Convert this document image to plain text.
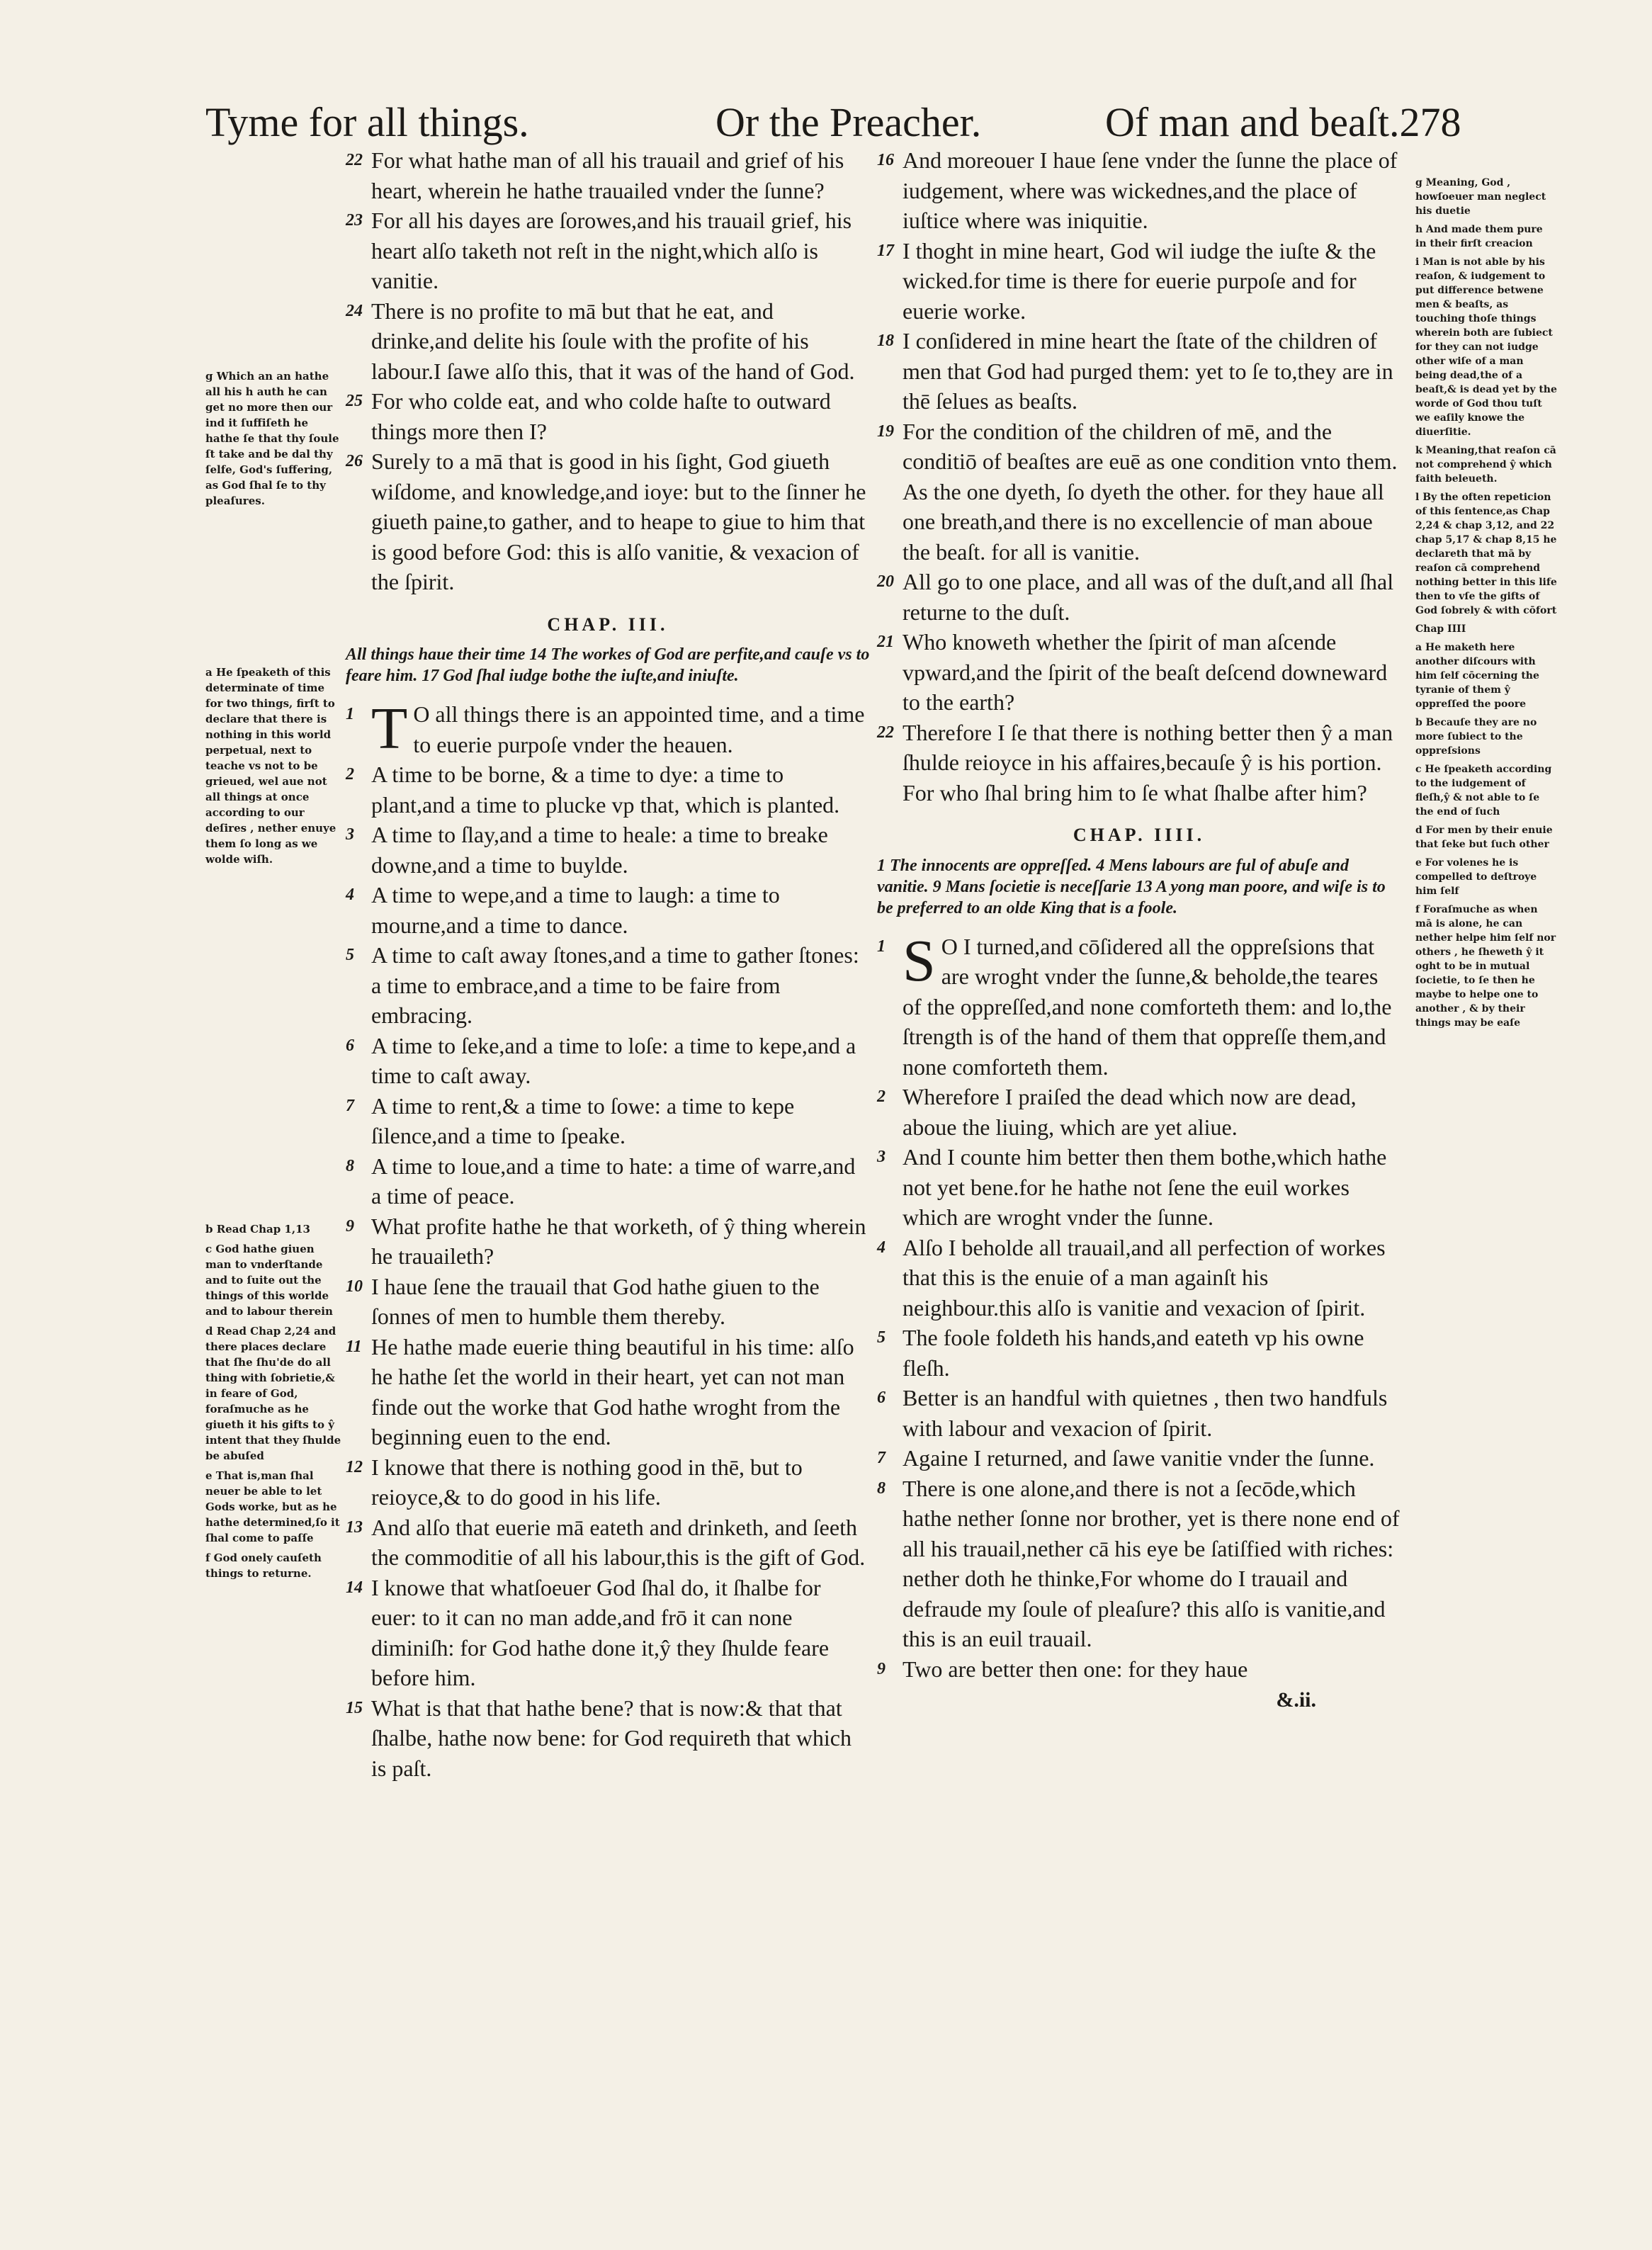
Tyme for all things.	Or the Preacher.	Of man and beaſt.278

g Which an an hathe all his h auth he can get no more then our ind it ſuffiſeth he hathe ſe that thy ſoule ſt take and be dal thy ſelfe, God's ſuffering, as God ſhal ſe to thy pleaſures.

a He ſpeaketh of this determinate of time for two things, firſt to declare that there is nothing in this world perpetual, next to teache vs not to be grieued, wel aue not all things at once according to our deſires , nether enuye them ſo long as we wolde wiſh.

b Read Chap 1,13

c God hathe giuen man to vnderſtande and to ſuite out the things of this worlde and to labour therein

d Read Chap 2,24 and there places declare that ſhe ſhu'de do all thing with ſobrietie,& in feare of God, foraſmuche as he giueth it his gifts to ŷ intent that they ſhulde be abuſed

e That is,man ſhal neuer be able to let Gods worke, but as he hathe determined,ſo it ſhal come to paſſe

f God onely cauſeth things to returne.

22 For what hathe man of all his trauail and grief of his heart, wherein he hathe trauailed vnder the ſunne?

23 For all his dayes are ſorowes,and his trauail grief, his heart alſo taketh not reſt in the night,which alſo is vanitie.

24 There is no profite to mā but that he eat, and drinke,and delite his ſoule with the profite of his labour.I ſawe alſo this, that it was of the hand of God.

25 For who colde eat, and who colde haſte to outward things more then I?

26 Surely to a mā that is good in his ſight, God giueth wiſdome, and knowledge,and ioye: but to the ſinner he giueth paine,to gather, and to heape to giue to him that is good before God: this is alſo vanitie, & vexacion of the ſpirit.

CHAP. III.

All things haue their time 14 The workes of God are perfite,and cauſe vs to feare him. 17 God ſhal iudge bothe the iuſte,and iniuſte.

1 T O all things there is an appointed time, and a time to euerie purpoſe vnder the heauen.

2 A time to be borne, & a time to dye: a time to plant,and a time to plucke vp that, which is planted.

3 A time to ſlay,and a time to heale: a time to breake downe,and a time to buylde.

4 A time to wepe,and a time to laugh: a time to mourne,and a time to dance.

5 A time to caſt away ſtones,and a time to gather ſtones: a time to embrace,and a time to be faire from embracing.

6 A time to ſeke,and a time to loſe: a time to kepe,and a time to caſt away.

7 A time to rent,& a time to ſowe: a time to kepe ſilence,and a time to ſpeake.

8 A time to loue,and a time to hate: a time of warre,and a time of peace.

9 What profite hathe he that worketh, of ŷ thing wherein he trauaileth?

10 I haue ſene the trauail that God hathe giuen to the ſonnes of men to humble them thereby.

11 He hathe made euerie thing beautiful in his time: alſo he hathe ſet the world in their heart, yet can not man finde out the worke that God hathe wroght from the beginning euen to the end.

12 I knowe that there is nothing good in thē, but to reioyce,& to do good in his life.

13 And alſo that euerie mā eateth and drinketh, and ſeeth the commoditie of all his labour,this is the gift of God.

14 I knowe that whatſoeuer God ſhal do, it ſhalbe for euer: to it can no man adde,and frō it can none diminiſh: for God hathe done it,ŷ they ſhulde feare before him.

15 What is that that hathe bene? that is now:& that that ſhalbe, hathe now bene: for God requireth that which is paſt.

16 And moreouer I haue ſene vnder the ſunne the place of iudgement, where was wickednes,and the place of iuſtice where was iniquitie.

17 I thoght in mine heart, God wil iudge the iuſte & the wicked.for time is there for euerie purpoſe and for euerie worke.

18 I conſidered in mine heart the ſtate of the children of men that God had purged them: yet to ſe to,they are in thē ſelues as beaſts.

19 For the condition of the children of mē, and the conditiō of beaſtes are euē as one condition vnto them. As the one dyeth, ſo dyeth the other. for they haue all one breath,and there is no excellencie of man aboue the beaſt. for all is vanitie.

20 All go to one place, and all was of the duſt,and all ſhal returne to the duſt.

21 Who knoweth whether the ſpirit of man aſcende vpward,and the ſpirit of the beaſt deſcend downeward to the earth?

22 Therefore I ſe that there is nothing better then ŷ a man ſhulde reioyce in his affaires,becauſe ŷ is his portion. For who ſhal bring him to ſe what ſhalbe after him?

CHAP. IIII.

1 The innocents are oppreſſed. 4 Mens labours are ful of abuſe and vanitie. 9 Mans ſocietie is neceſſarie 13 A yong man poore, and wiſe is to be preferred to an olde King that is a foole.

1 S O I turned,and cōſidered all the oppreſsions that are wroght vnder the ſunne,& beholde,the teares of the oppreſſed,and none comforteth them: and lo,the ſtrength is of the hand of them that oppreſſe them,and none comforteth them.

2 Wherefore I praiſed the dead which now are dead, aboue the liuing, which are yet aliue.

3 And I counte him better then them bothe,which hathe not yet bene.for he hathe not ſene the euil workes which are wroght vnder the ſunne.

4 Alſo I beholde all trauail,and all perfection of workes that this is the enuie of a man againſt his neighbour.this alſo is vanitie and vexacion of ſpirit.

5 The foole foldeth his hands,and eateth vp his owne fleſh.

6 Better is an handful with quietnes , then two handfuls with labour and vexacion of ſpirit.

7 Againe I returned, and ſawe vanitie vnder the ſunne.

8 There is one alone,and there is not a ſecōde,which hathe nether ſonne nor brother, yet is there none end of all his trauail,nether cā his eye be ſatiſfied with riches: nether doth he thinke,For whome do I trauail and defraude my ſoule of pleaſure? this alſo is vanitie,and this is an euil trauail.

9 Two are better then one: for they haue

&.ii.

g Meaning, God , howſoeuer man neglect his duetie

h And made them pure in their firſt creacion

i Man is not able by his reaſon, & iudgement to put difference betwene men & beaſts, as touching thoſe things wherein both are ſubiect for they can not iudge other wiſe of a man being dead,the of a beaſt,& is dead yet by the worde of God thou tuſt we eaſily knowe the diuerſitie.

k Meaning,that reaſon cā not comprehend ŷ which faith beleueth.

l By the often repeticion of this ſentence,as Chap 2,24 & chap 3,12, and 22 chap 5,17 & chap 8,15 he declareth that mā by reaſon cā comprehend nothing better in this life then to vſe the gifts of God ſobrely & with cōfort

Chap IIII

a He maketh here another diſcours with him ſelf cōcerning the tyranie of them ŷ oppreſſed the poore

b Becauſe they are no more ſubiect to the oppreſsions

c He ſpeaketh according to the iudgement of fleſh,ŷ & not able to ſe the end of ſuch

d For men by their enuie that ſeke but ſuch other

e For volenes he is compelled to deſtroye him ſelf

f Foraſmuche as when mā is alone, he can nether helpe him ſelf nor others , he ſheweth ŷ it oght to be in mutual ſocietie, to ſe then he maybe to helpe one to another , & by their things may be eaſe
